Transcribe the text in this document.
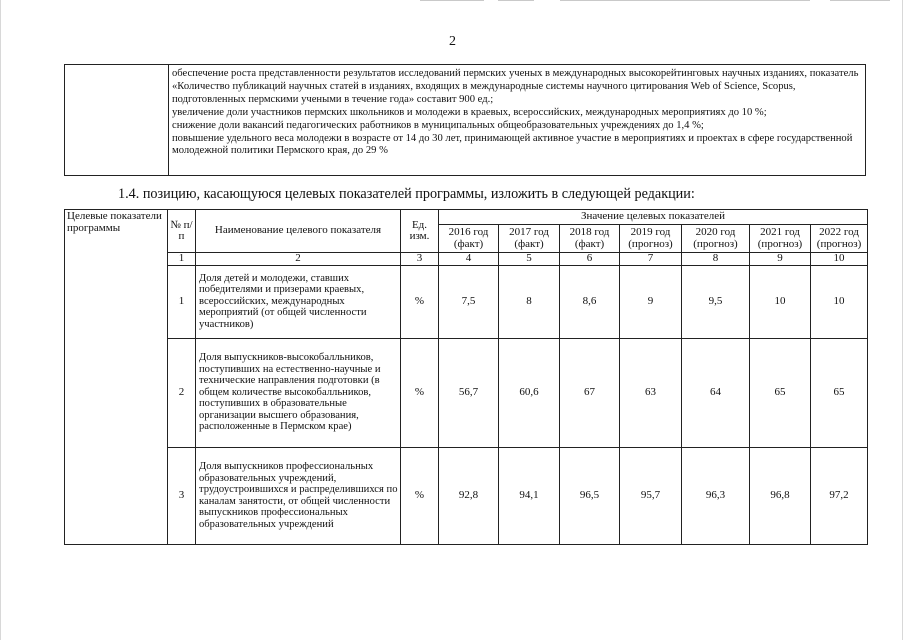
2

обеспечение роста представленности результатов исследований пермских ученых в международных высокорейтинговых научных изданиях, показатель «Количество публикаций научных статей в изданиях, входящих в международные системы научного цитирования Web of Science, Scopus, подготовленных пермскими учеными в течение года» составит 900 ед.;

увеличение доли участников пермских школьников и молодежи в краевых, всероссийских, международных мероприятиях до 10 %;

снижение доли вакансий педагогических работников в муниципальных общеобразовательных учреждениях до 1,4 %;

повышение удельного веса молодежи в возрасте от 14 до 30 лет, принимающей активное участие в мероприятиях и проектах в сфере государственной молодежной политики Пермского края, до 29 %

1.4. позицию, касающуюся целевых показателей программы, изложить в следующей редакции:
Целевые показатели программы	№ п/п	Наименование целевого показателя	Ед. изм.	Значение целевых показателей						
				2016 год (факт)	2017 год (факт)	2018 год (факт)	2019 год (прогноз)	2020 год (прогноз)	2021 год (прогноз)	2022 год (прогноз)
	1	2	3	4	5	6	7	8	9	10
	1	Доля детей и молодежи, ставших победителями и призерами краевых, всероссийских, международных мероприятий (от общей численности участников)	%	7,5	8	8,6	9	9,5	10	10
	2	Доля выпускников-высокобалльников, поступивших на естественно-научные и технические направления подготовки (в общем количестве высокобалльников, поступивших в образовательные организации высшего образования, расположенные в Пермском крае)	%	56,7	60,6	67	63	64	65	65
	3	Доля выпускников профессиональных образовательных учреждений, трудоустроившихся и распределившихся по каналам занятости, от общей численности выпускников профессиональных образовательных учреждений	%	92,8	94,1	96,5	95,7	96,3	96,8	97,2
